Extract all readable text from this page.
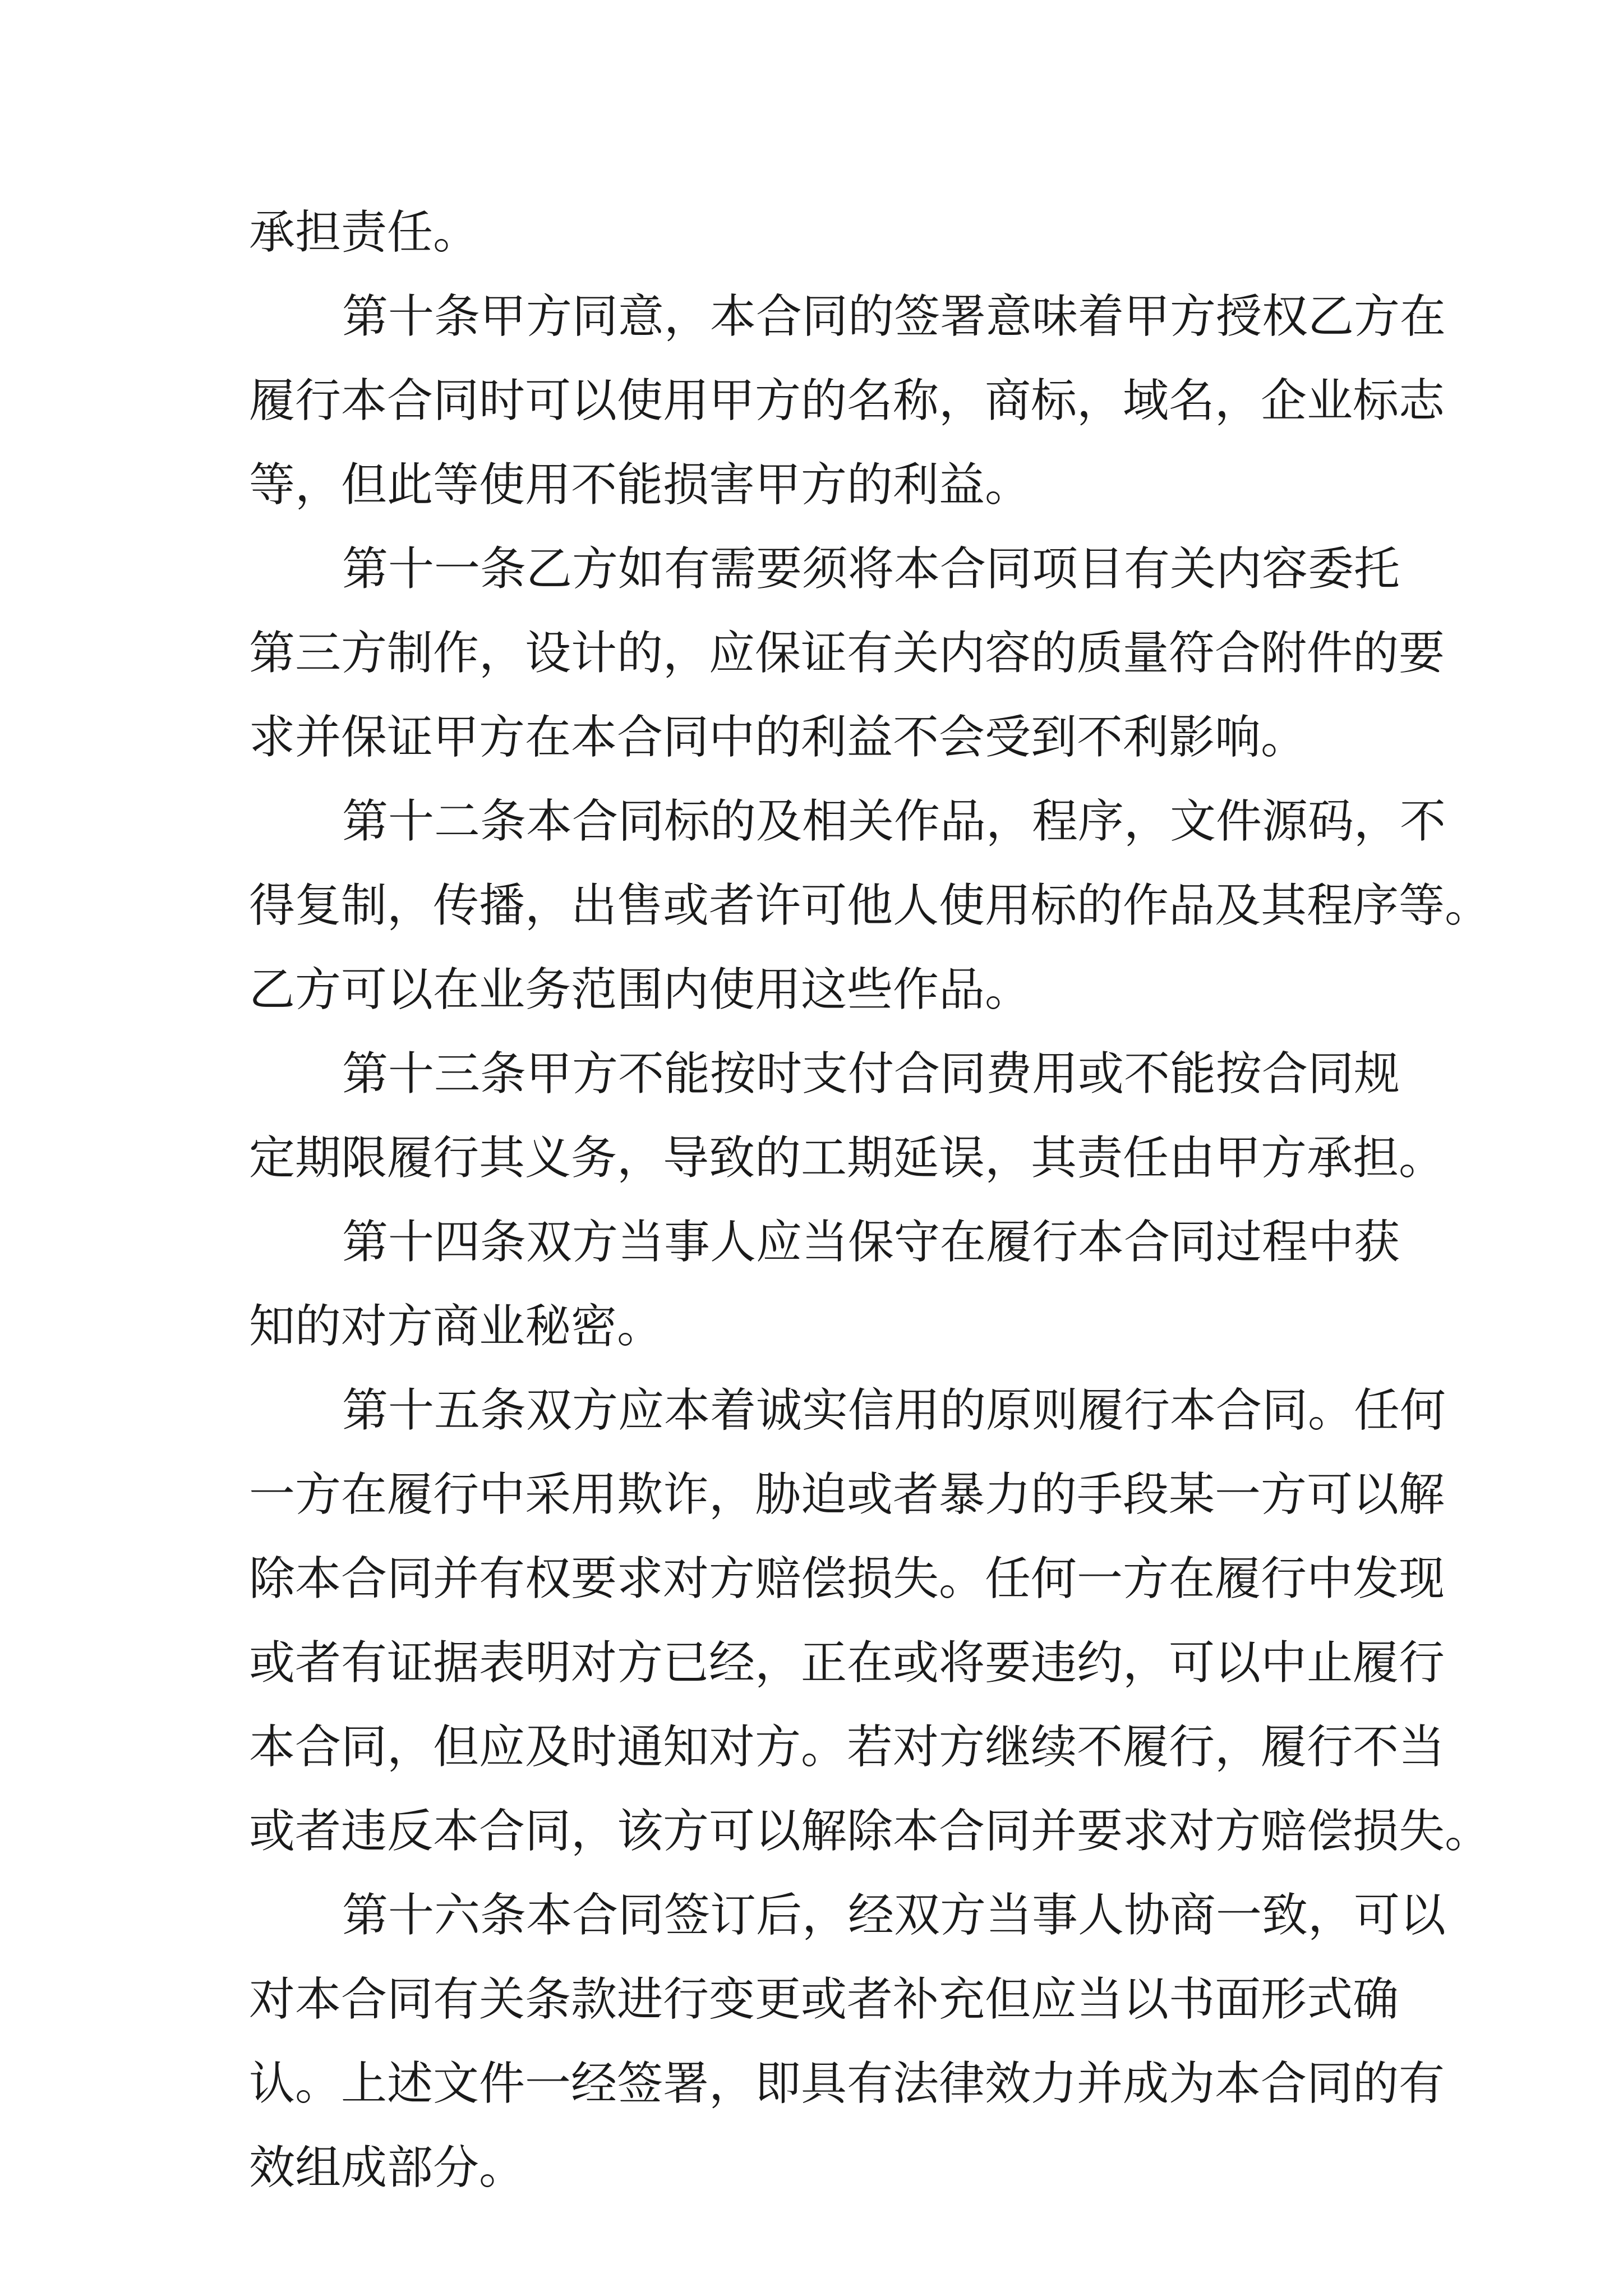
承担责任。
第十条甲方同意，本合同的签署意味着甲方授权乙方在
履行本合同时可以使用甲方的名称，商标，域名，企业标志
等，但此等使用不能损害甲方的利益。
第十一条乙方如有需要须将本合同项目有关内容委托
第三方制作，设计的，应保证有关内容的质量符合附件的要
求并保证甲方在本合同中的利益不会受到不利影响。
第十二条本合同标的及相关作品，程序，文件源码，不
得复制，传播，出售或者许可他人使用标的作品及其程序等。
乙方可以在业务范围内使用这些作品。
第十三条甲方不能按时支付合同费用或不能按合同规
定期限履行其义务，导致的工期延误，其责任由甲方承担。
第十四条双方当事人应当保守在履行本合同过程中获
知的对方商业秘密。
第十五条双方应本着诚实信用的原则履行本合同。任何
一方在履行中采用欺诈，胁迫或者暴力的手段某一方可以解
除本合同并有权要求对方赔偿损失。任何一方在履行中发现
或者有证据表明对方已经，正在或将要违约，可以中止履行
本合同，但应及时通知对方。若对方继续不履行，履行不当
或者违反本合同，该方可以解除本合同并要求对方赔偿损失。
第十六条本合同签订后，经双方当事人协商一致，可以
对本合同有关条款进行变更或者补充但应当以书面形式确
认。上述文件一经签署，即具有法律效力并成为本合同的有
效组成部分。
